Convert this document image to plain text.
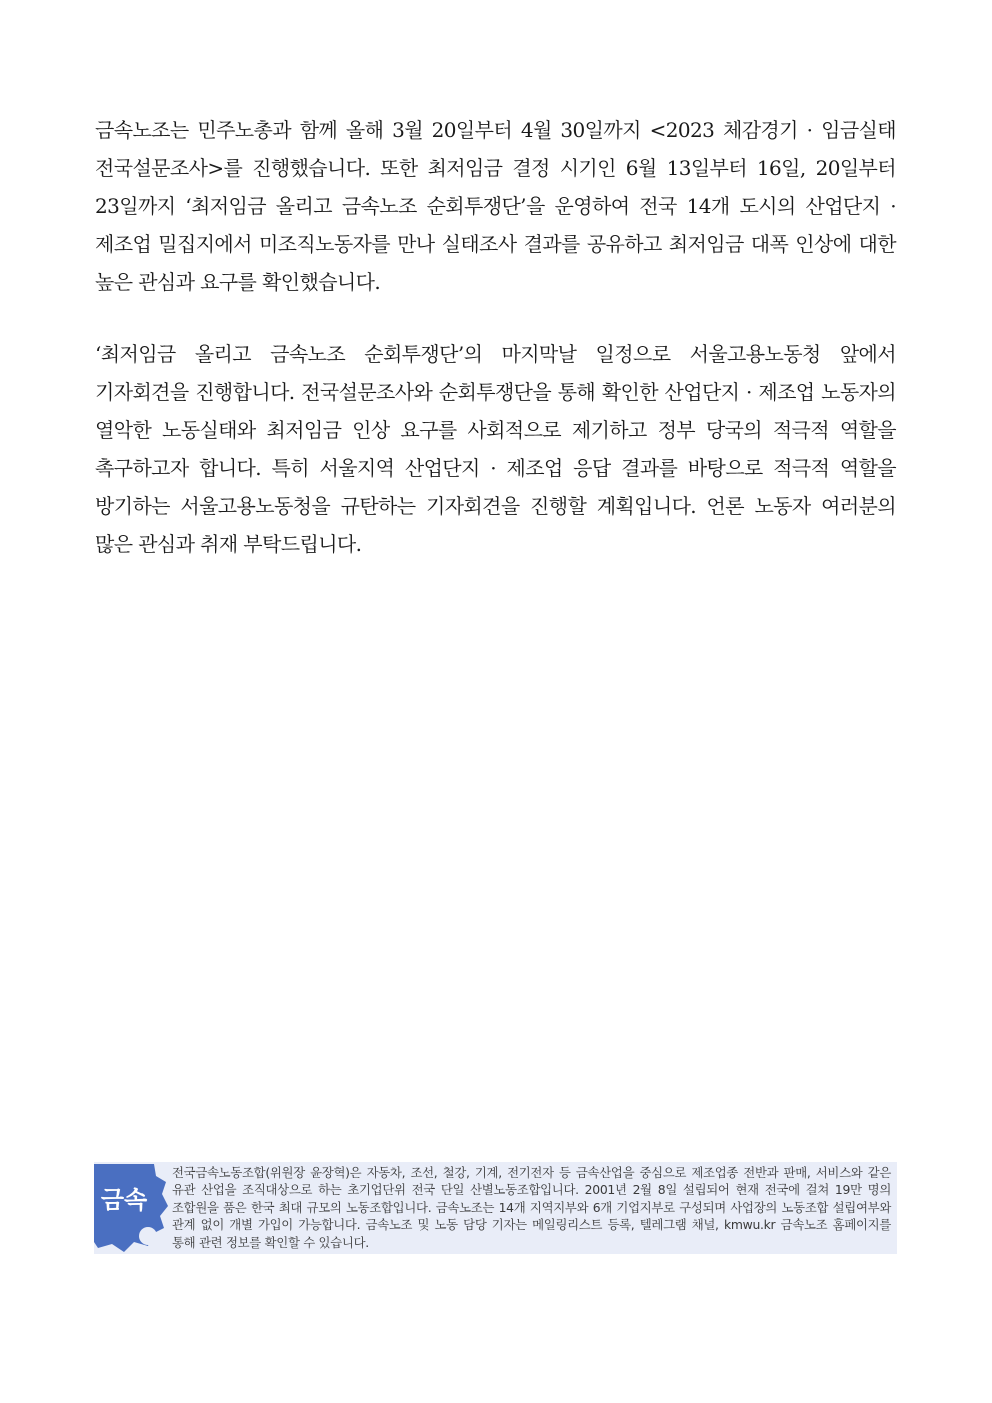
금속노조는 민주노총과 함께 올해 3월 20일부터 4월 30일까지 <2023 체감경기 · 임금실태 전국설문조사>를 진행했습니다. 또한 최저임금 결정 시기인 6월 13일부터 16일, 20일부터 23일까지 ‘최저임금 올리고 금속노조 순회투쟁단’을 운영하여 전국 14개 도시의 산업단지 · 제조업 밀집지에서 미조직노동자를 만나 실태조사 결과를 공유하고 최저임금 대폭 인상에 대한 높은 관심과 요구를 확인했습니다.

‘최저임금 올리고 금속노조 순회투쟁단’의 마지막날 일정으로 서울고용노동청 앞에서 기자회견을 진행합니다. 전국설문조사와 순회투쟁단을 통해 확인한 산업단지 · 제조업 노동자의 열악한 노동실태와 최저임금 인상 요구를 사회적으로 제기하고 정부 당국의 적극적 역할을 촉구하고자 합니다. 특히 서울지역 산업단지 · 제조업 응답 결과를 바탕으로 적극적 역할을 방기하는 서울고용노동청을 규탄하는 기자회견을 진행할 계획입니다. 언론 노동자 여러분의 많은 관심과 취재 부탁드립니다.

금속

전국금속노동조합(위원장 윤장혁)은 자동차, 조선, 철강, 기계, 전기전자 등 금속산업을 중심으로 제조업종 전반과 판매, 서비스와 같은 유관 산업을 조직대상으로 하는 초기업단위 전국 단일 산별노동조합입니다. 2001년 2월 8일 설립되어 현재 전국에 걸쳐 19만 명의 조합원을 품은 한국 최대 규모의 노동조합입니다. 금속노조는 14개 지역지부와 6개 기업지부로 구성되며 사업장의 노동조합 설립여부와 관계 없이 개별 가입이 가능합니다. 금속노조 및 노동 담당 기자는 메일링리스트 등록, 텔레그램 채널, kmwu.kr 금속노조 홈페이지를 통해 관련 정보를 확인할 수 있습니다.
